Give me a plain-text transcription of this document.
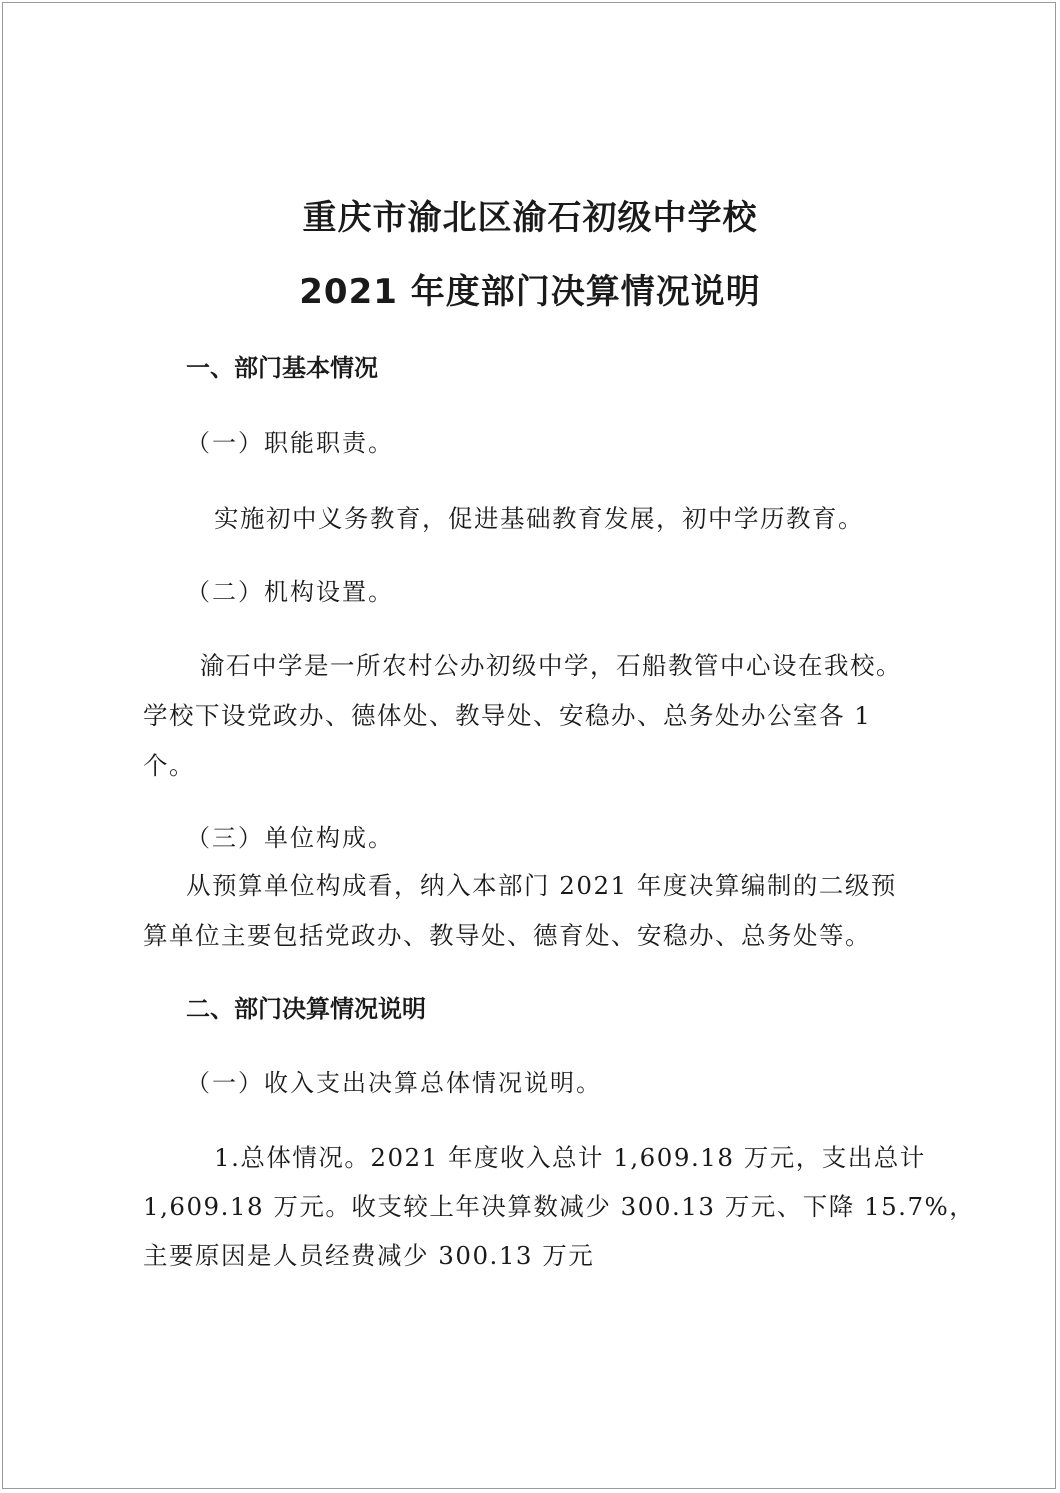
重庆市渝北区渝石初级中学校
2021 年度部门决算情况说明
一、部门基本情况
（一）职能职责。
实施初中义务教育，促进基础教育发展，初中学历教育。
（二）机构设置。
渝石中学是一所农村公办初级中学，石船教管中心设在我校。
学校下设党政办、德体处、教导处、安稳办、总务处办公室各 1
个。
（三）单位构成。
从预算单位构成看，纳入本部门 2021 年度决算编制的二级预
算单位主要包括党政办、教导处、德育处、安稳办、总务处等。
二、部门决算情况说明
（一）收入支出决算总体情况说明。
1.总体情况。2021 年度收入总计 1,609.18 万元，支出总计
1,609.18 万元。收支较上年决算数减少 300.13 万元、下降 15.7%，
主要原因是人员经费减少 300.13 万元
